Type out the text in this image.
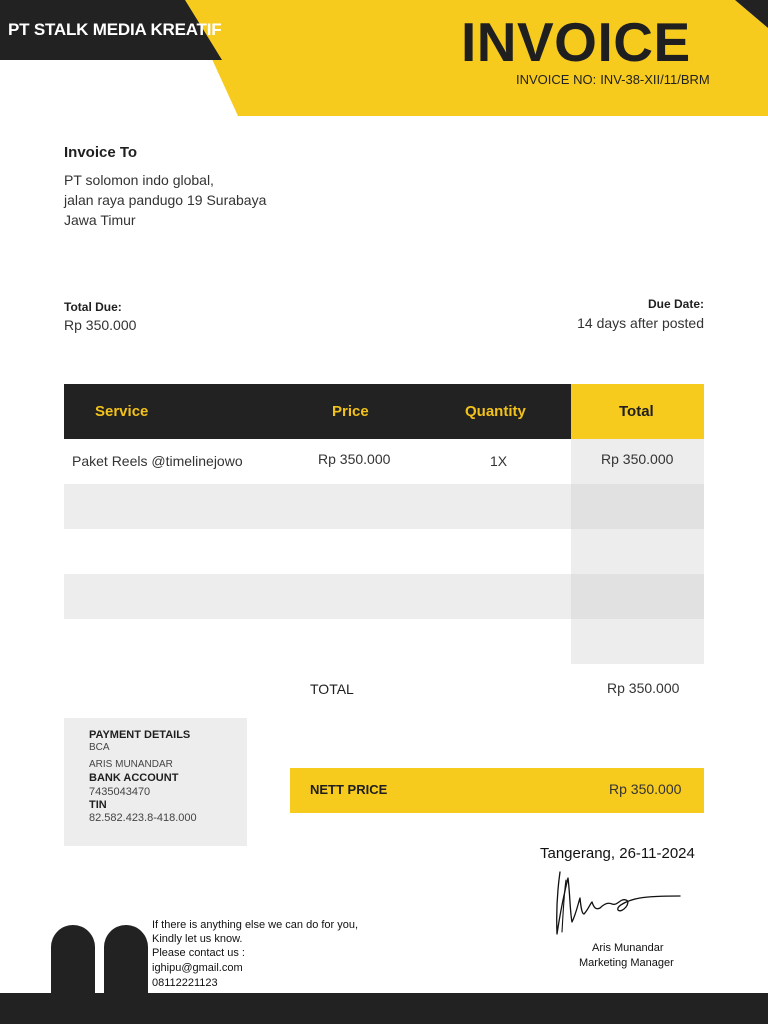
PT STALK MEDIA KREATIF	INVOICE
INVOICE NO: INV-38-XII/11/BRM
Invoice To
PT solomon indo global,
jalan raya pandugo 19 Surabaya
Jawa Timur
Total Due:
Rp 350.000
Due Date:
14 days after posted
Service	Price	Quantity	Total
Paket Reels @timelinejowo	Rp 350.000	1X	Rp 350.000
TOTAL	Rp 350.000
PAYMENT DETAILS
BCA
ARIS MUNANDAR
BANK ACCOUNT
7435043470
TIN
82.582.423.8-418.000
NETT PRICE	Rp 350.000
Tangerang, 26-11-2024
Aris Munandar
Marketing Manager
If there is anything else we can do for you,
Kindly let us know.
Please contact us :
ighipu@gmail.com
08112221123
